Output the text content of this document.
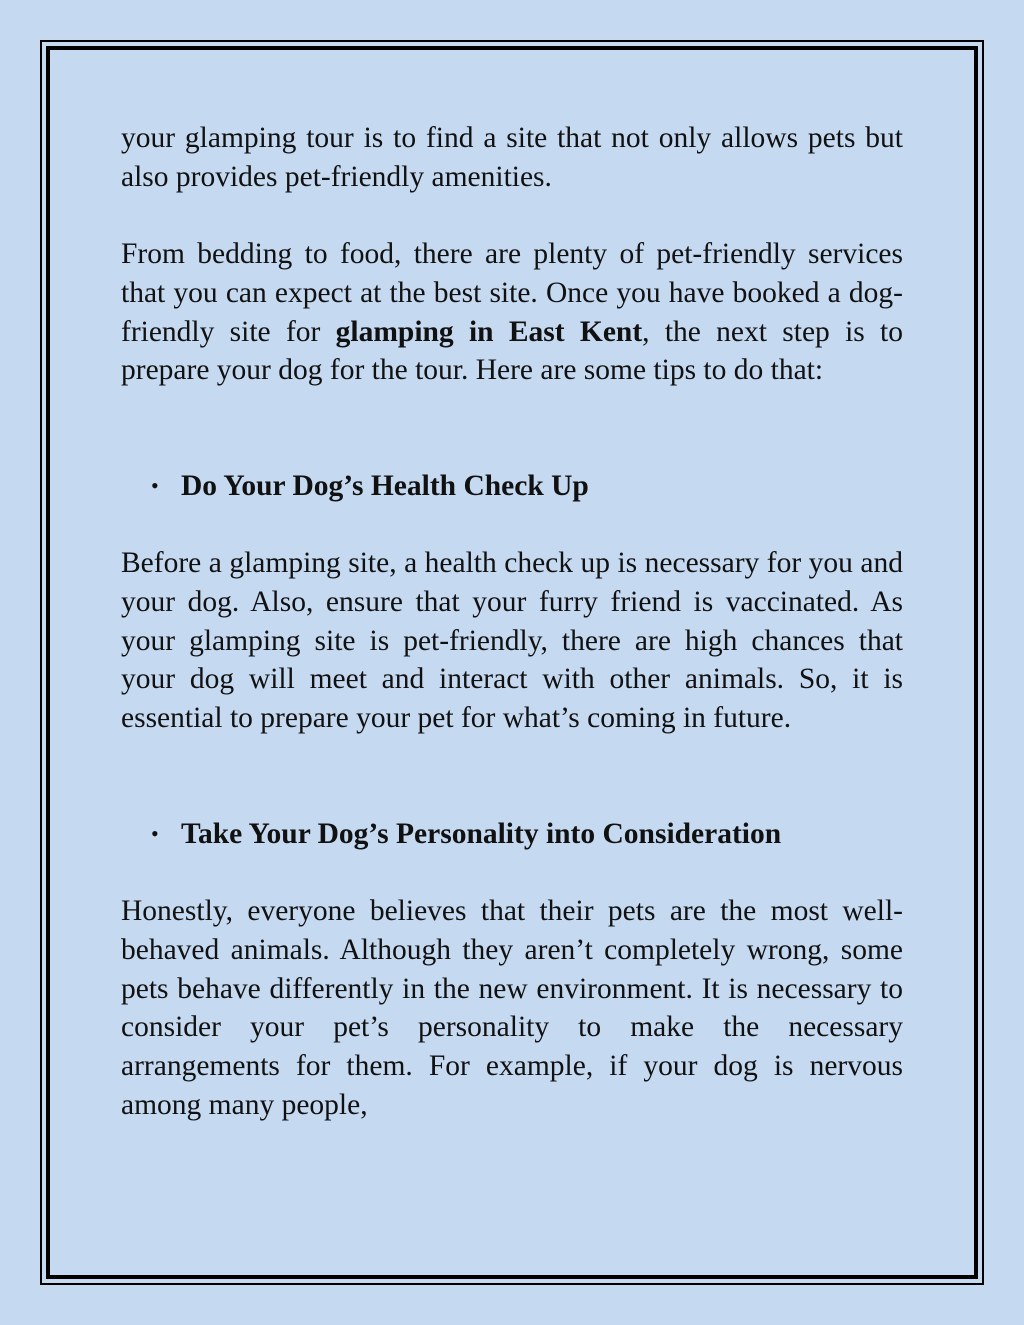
your glamping tour is to find a site that not only allows pets but also provides pet-friendly amenities.

From bedding to food, there are plenty of pet-friendly services that you can expect at the best site. Once you have booked a dog-friendly site for glamping in East Kent, the next step is to prepare your dog for the tour. Here are some tips to do that:

• Do Your Dog’s Health Check Up

Before a glamping site, a health check up is necessary for you and your dog. Also, ensure that your furry friend is vaccinated. As your glamping site is pet-friendly, there are high chances that your dog will meet and interact with other animals. So, it is essential to prepare your pet for what’s coming in future.

• Take Your Dog’s Personality into Consideration

Honestly, everyone believes that their pets are the most well-behaved animals. Although they aren’t completely wrong, some pets behave differently in the new environment. It is necessary to consider your pet’s personality to make the necessary arrangements for them. For example, if your dog is nervous among many people,
